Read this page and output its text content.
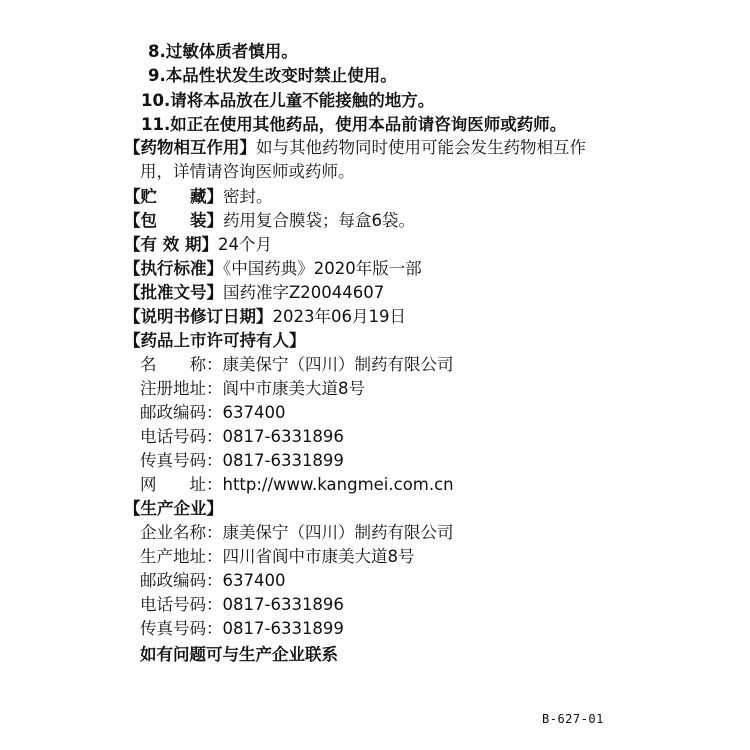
8.过敏体质者慎用。
9.本品性状发生改变时禁止使用。
10.请将本品放在儿童不能接触的地方。
11.如正在使用其他药品，使用本品前请咨询医师或药师。
【药物相互作用】如与其他药物同时使用可能会发生药物相互作
用，详情请咨询医师或药师。
【贮　　藏】密封。
【包　　装】药用复合膜袋；每盒6袋。
【有 效 期】24个月
【执行标准】《中国药典》2020年版一部
【批准文号】国药准字Z20044607
【说明书修订日期】2023年06月19日
【药品上市许可持有人】
名　　称：康美保宁（四川）制药有限公司
注册地址：阆中市康美大道8号
邮政编码：637400
电话号码：0817-6331896
传真号码：0817-6331899
网　　址：http://www.kangmei.com.cn
【生产企业】
企业名称：康美保宁（四川）制药有限公司
生产地址：四川省阆中市康美大道8号
邮政编码：637400
电话号码：0817-6331896
传真号码：0817-6331899
如有问题可与生产企业联系
B-627-01
